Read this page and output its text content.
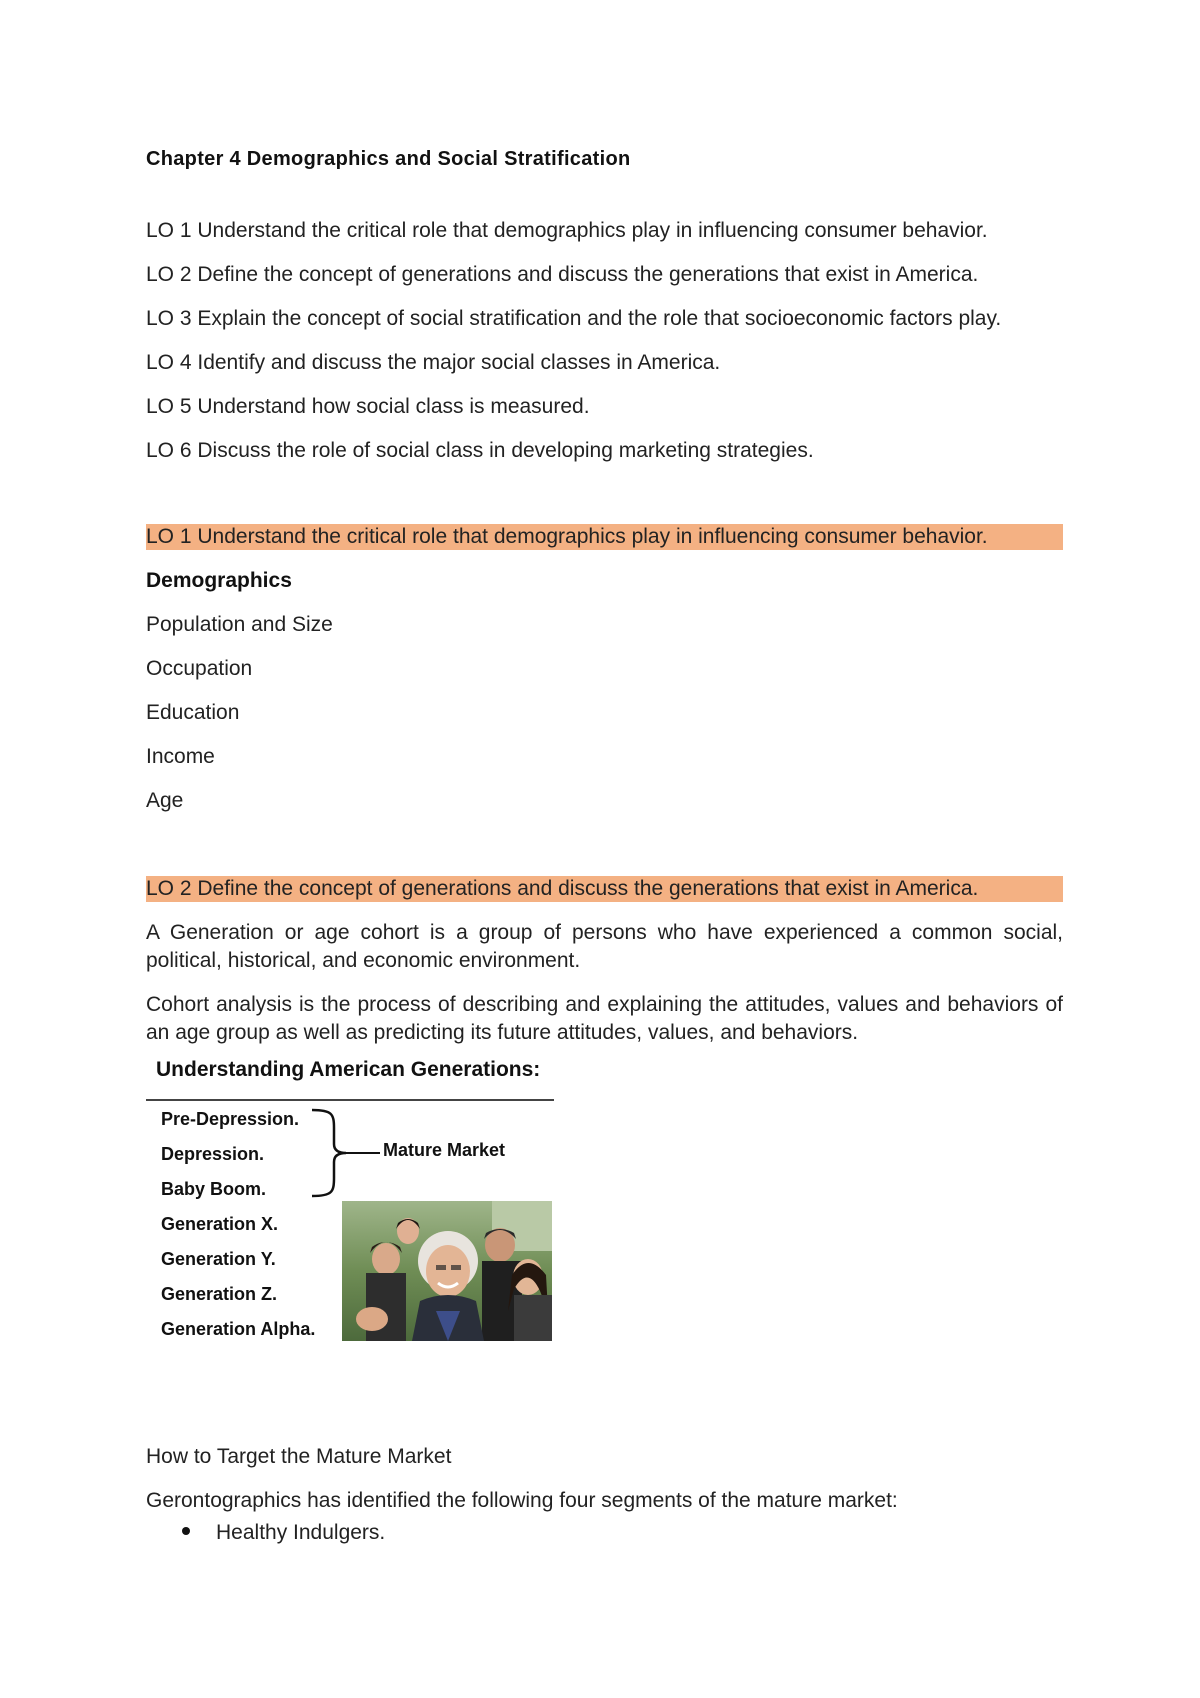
Chapter 4 Demographics and Social Stratification
LO 1 Understand the critical role that demographics play in influencing consumer behavior.
LO 2 Define the concept of generations and discuss the generations that exist in America.
LO 3 Explain the concept of social stratification and the role that socioeconomic factors play.
LO 4 Identify and discuss the major social classes in America.
LO 5 Understand how social class is measured.
LO 6 Discuss the role of social class in developing marketing strategies.
LO 1 Understand the critical role that demographics play in influencing consumer behavior.
Demographics
Population and Size
Occupation
Education
Income
Age
LO 2 Define the concept of generations and discuss the generations that exist in America.
A Generation or age cohort is a group of persons who have experienced a common social, political, historical, and economic environment.
Cohort analysis is the process of describing and explaining the attitudes, values and behaviors of an age group as well as predicting its future attitudes, values, and behaviors.
Understanding American Generations:
Pre-Depression.
Depression.
Baby Boom.
Generation X.
Generation Y.
Generation Z.
Generation Alpha.
Mature Market
How to Target the Mature Market
Gerontographics has identified the following four segments of the mature market:
Healthy Indulgers.
